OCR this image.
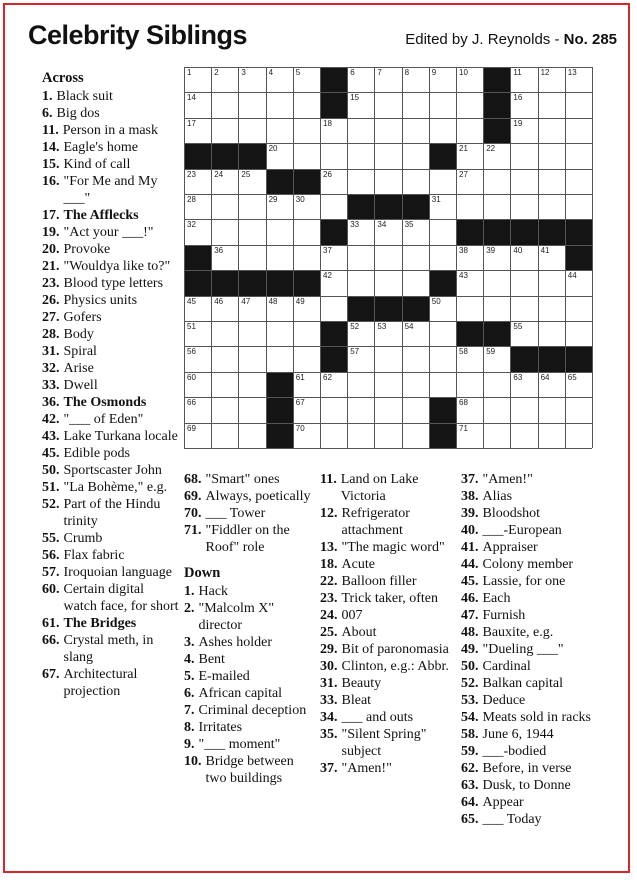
Celebrity Siblings	Edited by J. Reynolds - No. 285
1	2	3	4	5	6	7	8	9	10	11 12 13
14	15	16
17	18	19
20	21 22
23 24 25	26	27
28	29 30	31
32	33 34 35
36	37	38 39 40 41
42	43	44
45 46 47 48 49	50
51	52 53 54	55
56	57	58 59
60	61 62	63 64 65
66	67	68
69	70	71
Across
1. Black suit
6. Big dos
11. Person in a mask
14. Eagle's home
15. Kind of call
16. "For Me and My ___"
17. The Afflecks
19. "Act your ___!"
20. Provoke
21. "Wouldya like to?"
23. Blood type letters
26. Physics units
27. Gofers
28. Body
31. Spiral
32. Arise
33. Dwell
36. The Osmonds
42. "___ of Eden"
43. Lake Turkana locale
45. Edible pods
50. Sportscaster John
51. "La Bohème," e.g.
52. Part of the Hindu trinity
55. Crumb
56. Flax fabric
57. Iroquoian language
60. Certain digital watch face, for short
61. The Bridges
66. Crystal meth, in slang
67. Architectural projection
68. "Smart" ones
69. Always, poetically
70. ___ Tower
71. "Fiddler on the Roof" role
Down
1. Hack
2. "Malcolm X" director
3. Ashes holder
4. Bent
5. E-mailed
6. African capital
7. Criminal deception
8. Irritates
9. "___ moment"
10. Bridge between two buildings
11. Land on Lake Victoria
12. Refrigerator attachment
13. "The magic word"
18. Acute
22. Balloon filler
23. Trick taker, often
24. 007
25. About
29. Bit of paronomasia
30. Clinton, e.g.: Abbr.
31. Beauty
33. Bleat
34. ___ and outs
35. "Silent Spring" subject
37. "Amen!"
37. "Amen!"
38. Alias
39. Bloodshot
40. ___-European
41. Appraiser
44. Colony member
45. Lassie, for one
46. Each
47. Furnish
48. Bauxite, e.g.
49. "Dueling ___"
50. Cardinal
52. Balkan capital
53. Deduce
54. Meats sold in racks
58. June 6, 1944
59. ___-bodied
62. Before, in verse
63. Dusk, to Donne
64. Appear
65. ___ Today
